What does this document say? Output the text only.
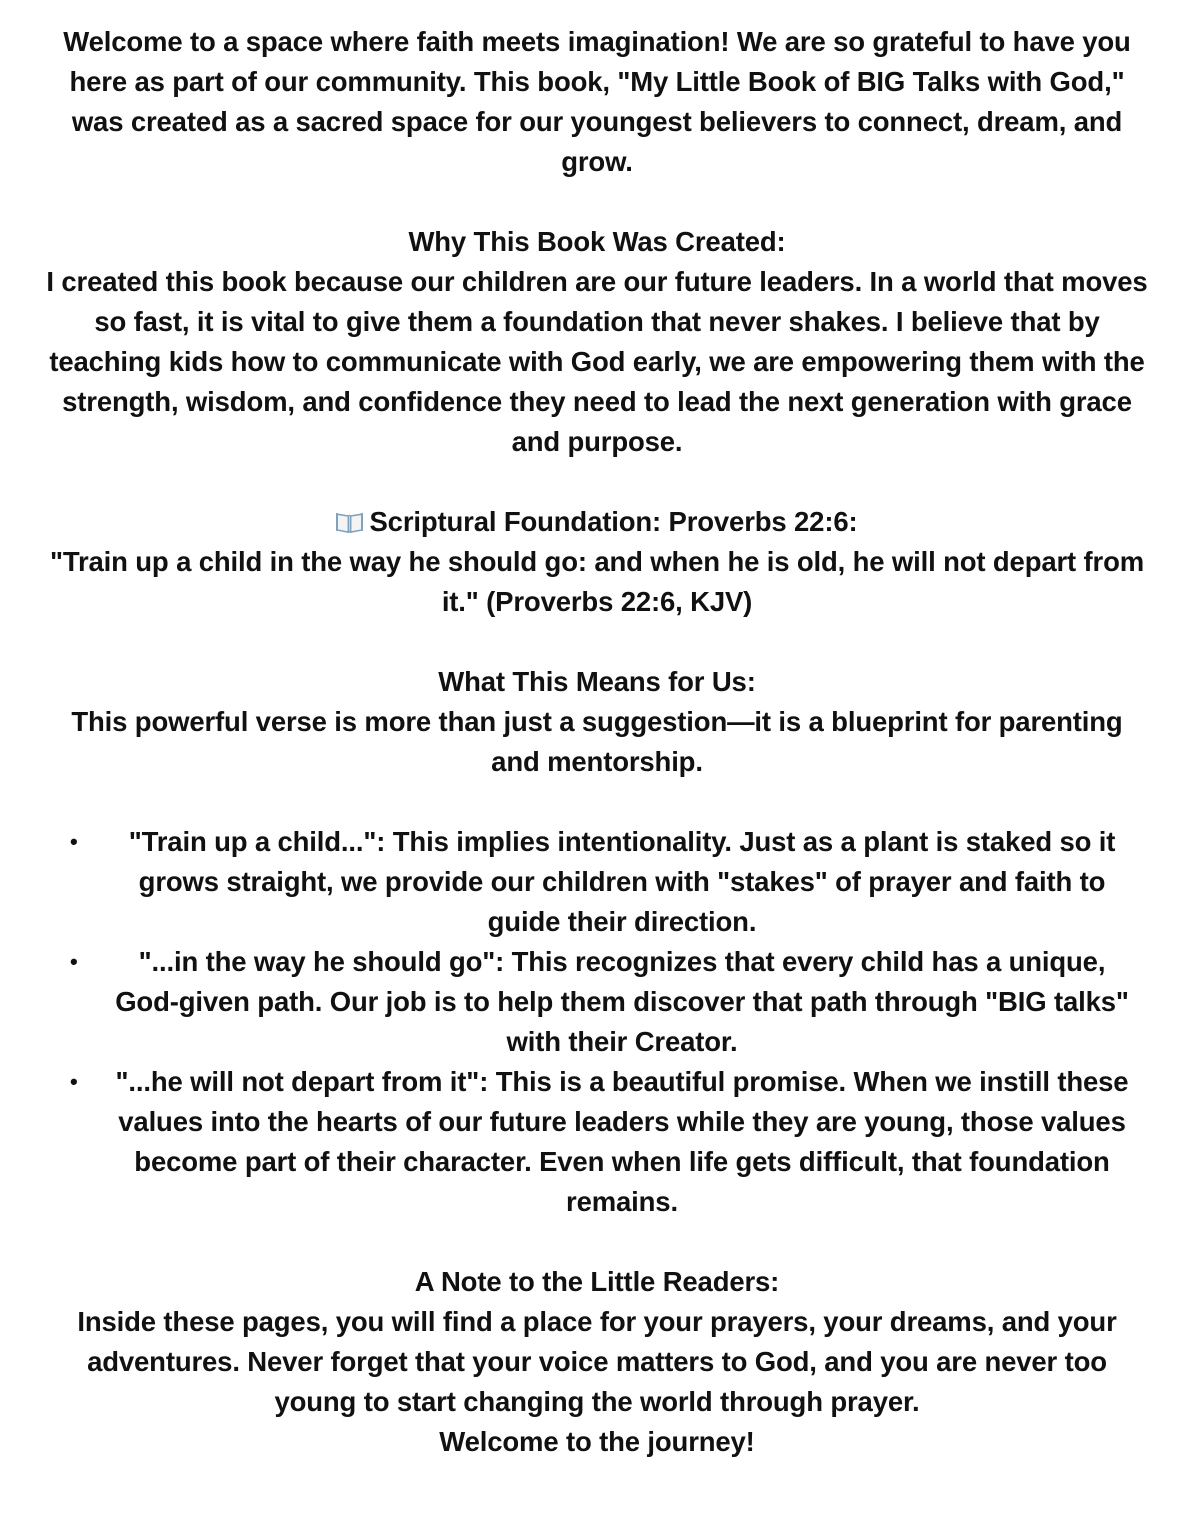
Welcome to a space where faith meets imagination! We are so grateful to have you here as part of our community. This book, "My Little Book of BIG Talks with God," was created as a sacred space for our youngest believers to connect, dream, and grow.

Why This Book Was Created:

I created this book because our children are our future leaders. In a world that moves so fast, it is vital to give them a foundation that never shakes. I believe that by teaching kids how to communicate with God early, we are empowering them with the strength, wisdom, and confidence they need to lead the next generation with grace and purpose.

Scriptural Foundation: Proverbs 22:6:

"Train up a child in the way he should go: and when he is old, he will not depart from it." (Proverbs 22:6, KJV)

What This Means for Us:

This powerful verse is more than just a suggestion—it is a blueprint for parenting and mentorship.

• "Train up a child...": This implies intentionality. Just as a plant is staked so it grows straight, we provide our children with "stakes" of prayer and faith to guide their direction.
• "...in the way he should go": This recognizes that every child has a unique, God-given path. Our job is to help them discover that path through "BIG talks" with their Creator.
• "...he will not depart from it": This is a beautiful promise. When we instill these values into the hearts of our future leaders while they are young, those values become part of their character. Even when life gets difficult, that foundation remains.

A Note to the Little Readers:

Inside these pages, you will find a place for your prayers, your dreams, and your adventures. Never forget that your voice matters to God, and you are never too young to start changing the world through prayer.

Welcome to the journey!
